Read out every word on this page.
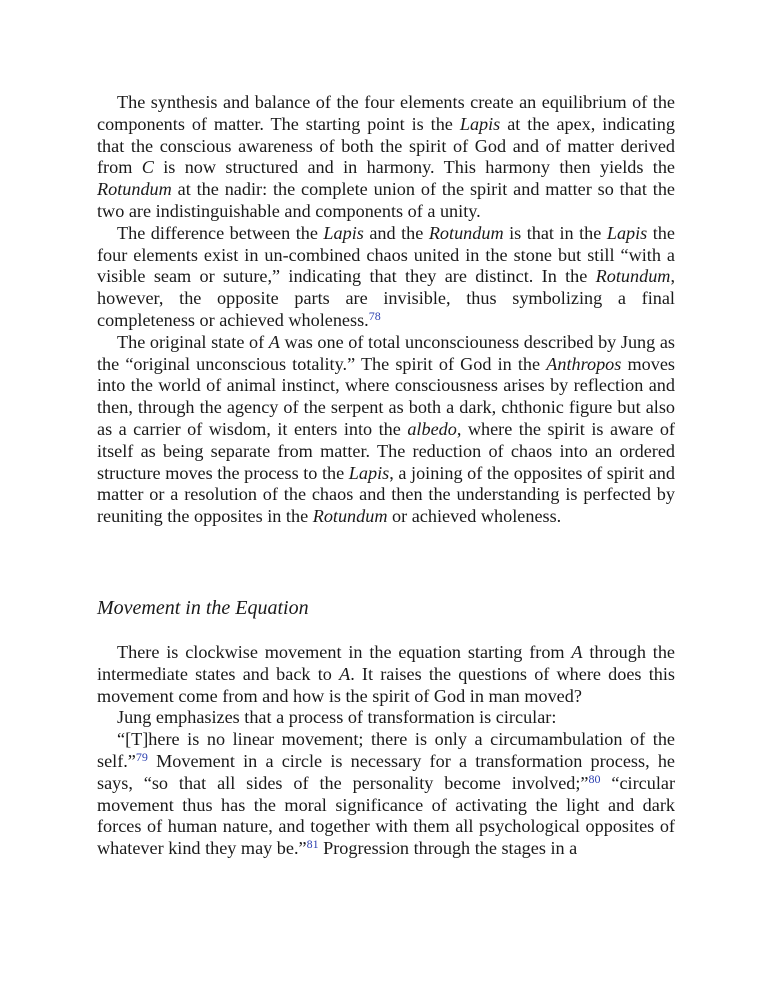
The synthesis and balance of the four elements create an equilibrium of the components of matter. The starting point is the Lapis at the apex, indicating that the conscious awareness of both the spirit of God and of matter derived from C is now structured and in harmony. This harmony then yields the Rotundum at the nadir: the complete union of the spirit and matter so that the two are indistinguishable and components of a unity.

The difference between the Lapis and the Rotundum is that in the Lapis the four elements exist in un-combined chaos united in the stone but still “with a visible seam or suture,” indicating that they are distinct. In the Rotundum, however, the opposite parts are invisible, thus symbolizing a final completeness or achieved wholeness.$^{78}$

The original state of A was one of total unconsciouness described by Jung as the “original unconscious totality.” The spirit of God in the Anthropos moves into the world of animal instinct, where consciousness arises by reflection and then, through the agency of the serpent as both a dark, chthonic figure but also as a carrier of wisdom, it enters into the albedo, where the spirit is aware of itself as being separate from matter. The reduction of chaos into an ordered structure moves the process to the Lapis, a joining of the opposites of spirit and matter or a resolution of the chaos and then the understanding is perfected by reuniting the opposites in the Rotundum or achieved wholeness.

Movement in the Equation

There is clockwise movement in the equation starting from A through the intermediate states and back to A. It raises the questions of where does this movement come from and how is the spirit of God in man moved?

Jung emphasizes that a process of transformation is circular:

“[T]here is no linear movement; there is only a circumambulation of the self.”$^{79}$ Movement in a circle is necessary for a transformation process, he says, “so that all sides of the personality become involved;”$^{80}$ “circular movement thus has the moral significance of activating the light and dark forces of human nature, and together with them all psychological opposites of whatever kind they may be.”$^{81}$ Progression through the stages in a
